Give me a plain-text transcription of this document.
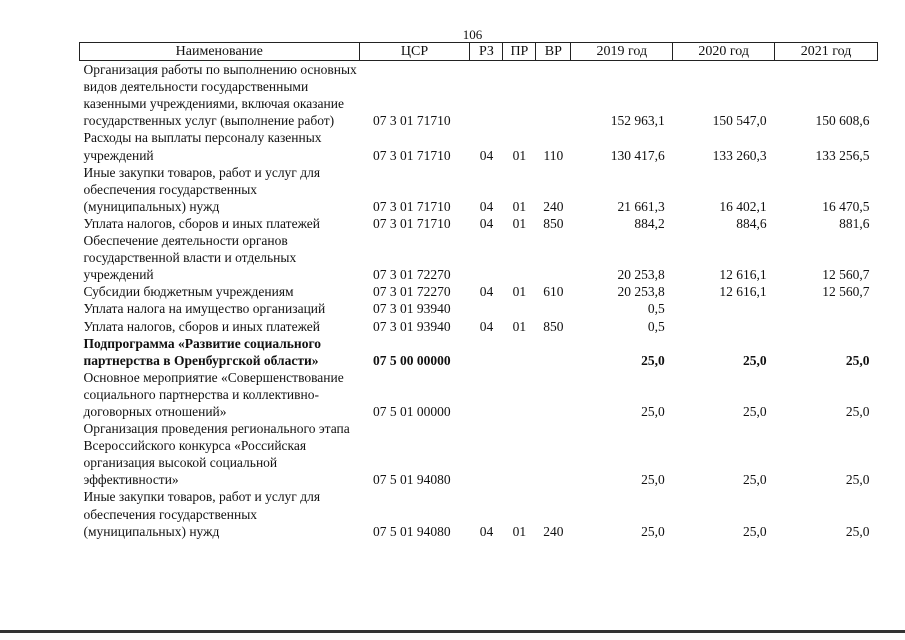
106
Наименование	ЦСР	РЗ	ПР	ВР	2019 год	2020 год	2021 год
Организация работы по выполнению основных видов деятельности государственными казенными учреждениями, включая оказание государственных услуг (выполнение работ)	07 3 01 71710				152 963,1	150 547,0	150 608,6
Расходы на выплаты персоналу казенных учреждений	07 3 01 71710	04	01	110	130 417,6	133 260,3	133 256,5
Иные закупки товаров, работ и услуг для обеспечения государственных (муниципальных) нужд	07 3 01 71710	04	01	240	21 661,3	16 402,1	16 470,5
Уплата налогов, сборов и иных платежей	07 3 01 71710	04	01	850	884,2	884,6	881,6
Обеспечение деятельности органов государственной власти и отдельных учреждений	07 3 01 72270				20 253,8	12 616,1	12 560,7
Субсидии бюджетным учреждениям	07 3 01 72270	04	01	610	20 253,8	12 616,1	12 560,7
Уплата налога на имущество организаций	07 3 01 93940				0,5		
Уплата налогов, сборов и иных платежей	07 3 01 93940	04	01	850	0,5		
Подпрограмма «Развитие социального партнерства в Оренбургской области»	07 5 00 00000				25,0	25,0	25,0
Основное мероприятие «Совершенствование социального партнерства и коллективно-договорных отношений»	07 5 01 00000				25,0	25,0	25,0
Организация проведения регионального этапа Всероссийского конкурса «Российская организация высокой социальной эффективности»	07 5 01 94080				25,0	25,0	25,0
Иные закупки товаров, работ и услуг для обеспечения государственных (муниципальных) нужд	07 5 01 94080	04	01	240	25,0	25,0	25,0
